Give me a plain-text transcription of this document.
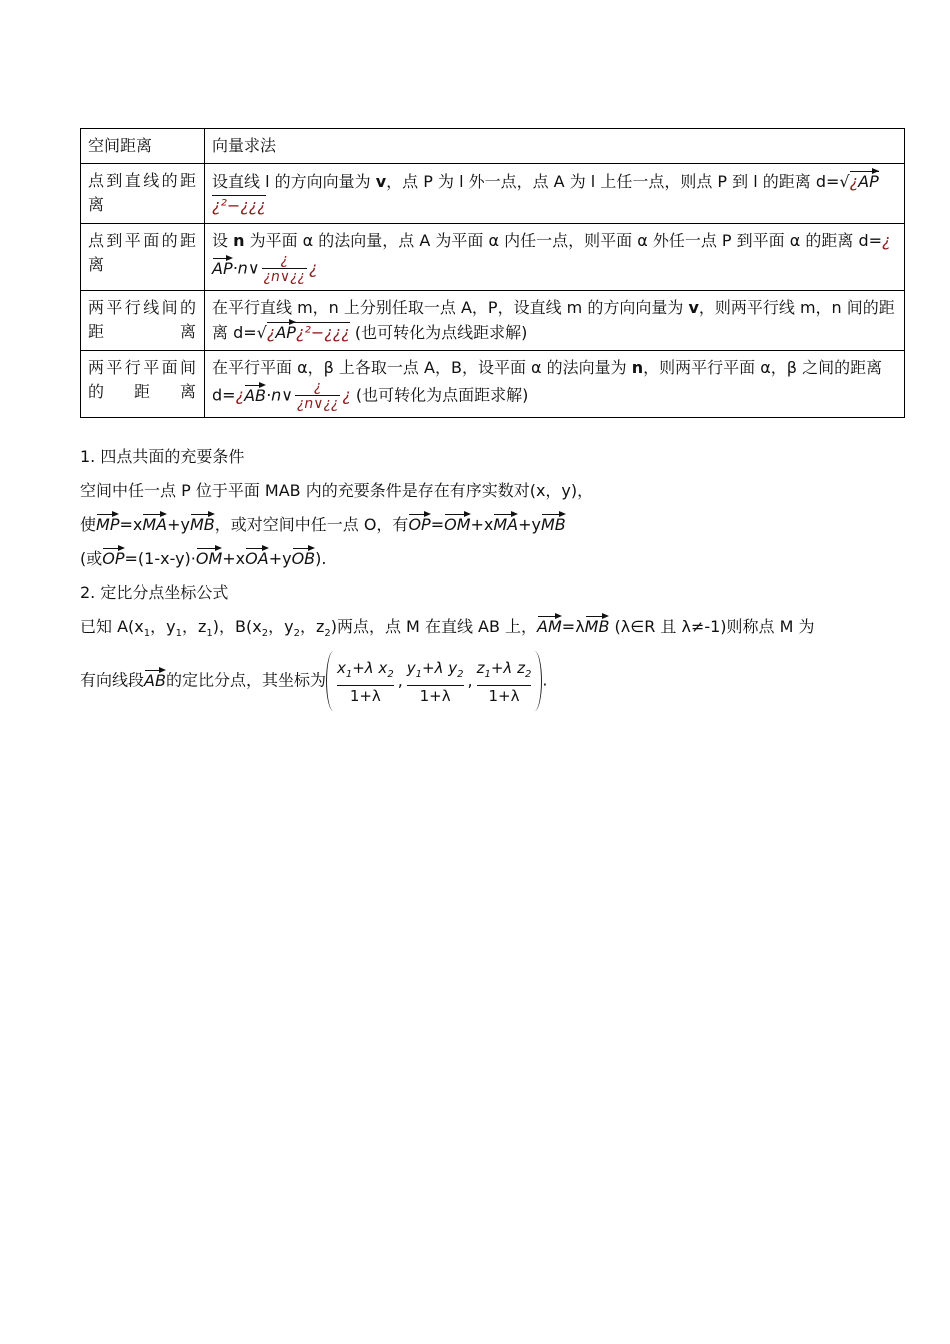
空间距离	向量求法
点到直线的距离	设直线 l 的方向向量为 v，点 P 为 l 外一点，点 A 为 l 上任一点，则点 P 到 l 的距离 d=√¿AP¿²−¿¿¿
点到平面的距离	设 n 为平面 α 的法向量，点 A 为平面 α 内任一点，则平面 α 外任一点 P 到平面 α 的距离 d=¿AP·n∨ $\frac{¿}{¿n\vee¿¿}$ ¿
两平行线间的距离	在平行直线 m，n 上分别任取一点 A，P，设直线 m 的方向向量为 v，则两平行线 m，n 间的距离 d=√¿AP¿²−¿¿¿ (也可转化为点线距求解)
两平行平面间的距离	在平行平面 α，β 上各取一点 A，B，设平面 α 的法向量为 n，则两平行平面 α，β 之间的距离 d=¿AB·n∨ $\frac{¿}{¿n\vee¿¿}$ ¿ (也可转化为点面距求解)

1. 四点共面的充要条件

空间中任一点 P 位于平面 MAB 内的充要条件是存在有序实数对(x，y)，

使MP=xMA+yMB，或对空间中任一点 O，有OP=OM+xMA+yMB

(或OP=(1-x-y)·OM+xOA+yOB).

2. 定比分点坐标公式

已知 $A(x_1$，$y_1$，$z_1$)，$B(x_2$，$y_2$，$z_2$)两点，点 M 在直线 AB 上，AM=λMB (λ∈R 且 λ≠-1)则称点 M 为

有向线段AB的定比分点，其坐标为 $\frac{x_1+\lambda x_2}{1+\lambda}$ , $\frac{y_1+\lambda y_2}{1+\lambda}$ , $\frac{z_1+\lambda z_2}{1+\lambda}$ .
